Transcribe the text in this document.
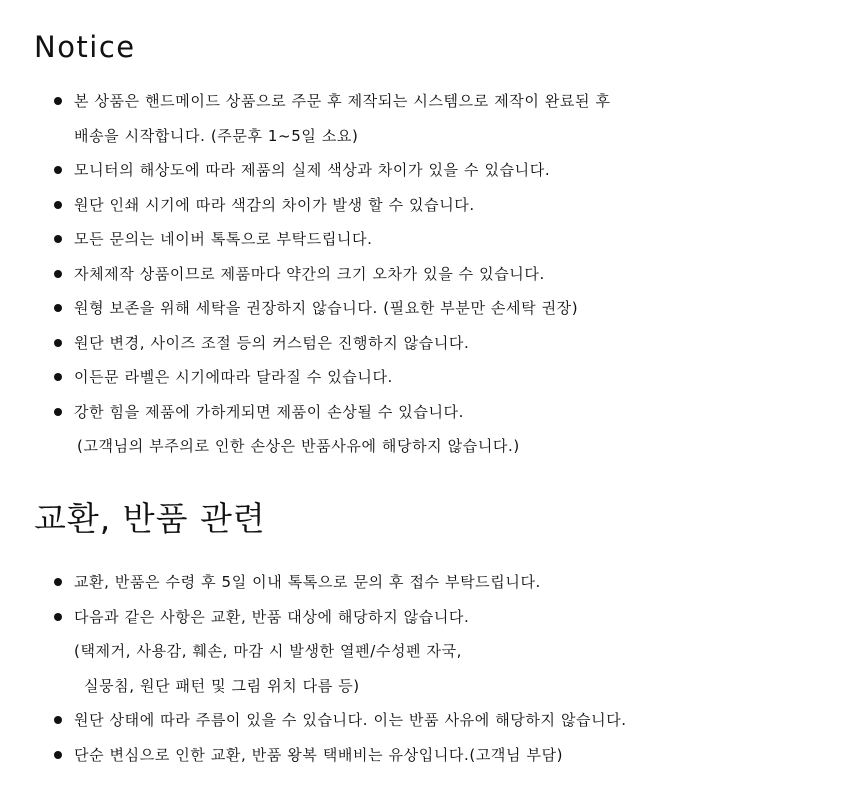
Notice
본 상품은 핸드메이드 상품으로 주문 후 제작되는 시스템으로 제작이 완료된 후
배송을 시작합니다. (주문후 1~5일 소요)
모니터의 해상도에 따라 제품의 실제 색상과 차이가 있을 수 있습니다.
원단 인쇄 시기에 따라 색감의 차이가 발생 할 수 있습니다.
모든 문의는 네이버 톡톡으로 부탁드립니다.
자체제작 상품이므로 제품마다 약간의 크기 오차가 있을 수 있습니다.
원형 보존을 위해 세탁을 권장하지 않습니다. (필요한 부분만 손세탁 권장)
원단 변경, 사이즈 조절 등의 커스텀은 진행하지 않습니다.
이든문 라벨은 시기에따라 달라질 수 있습니다.
강한 힘을 제품에 가하게되면 제품이 손상될 수 있습니다.
(고객님의 부주의로 인한 손상은 반품사유에 해당하지 않습니다.)
교환, 반품 관련
교환, 반품은 수령 후 5일 이내 톡톡으로 문의 후 접수 부탁드립니다.
다음과 같은 사항은 교환, 반품 대상에 해당하지 않습니다.
(택제거, 사용감, 훼손, 마감 시 발생한 열펜/수성펜 자국,
실뭉침, 원단 패턴 및 그림 위치 다름 등)
원단 상태에 따라 주름이 있을 수 있습니다. 이는 반품 사유에 해당하지 않습니다.
단순 변심으로 인한 교환, 반품 왕복 택배비는 유상입니다.(고객님 부담)
